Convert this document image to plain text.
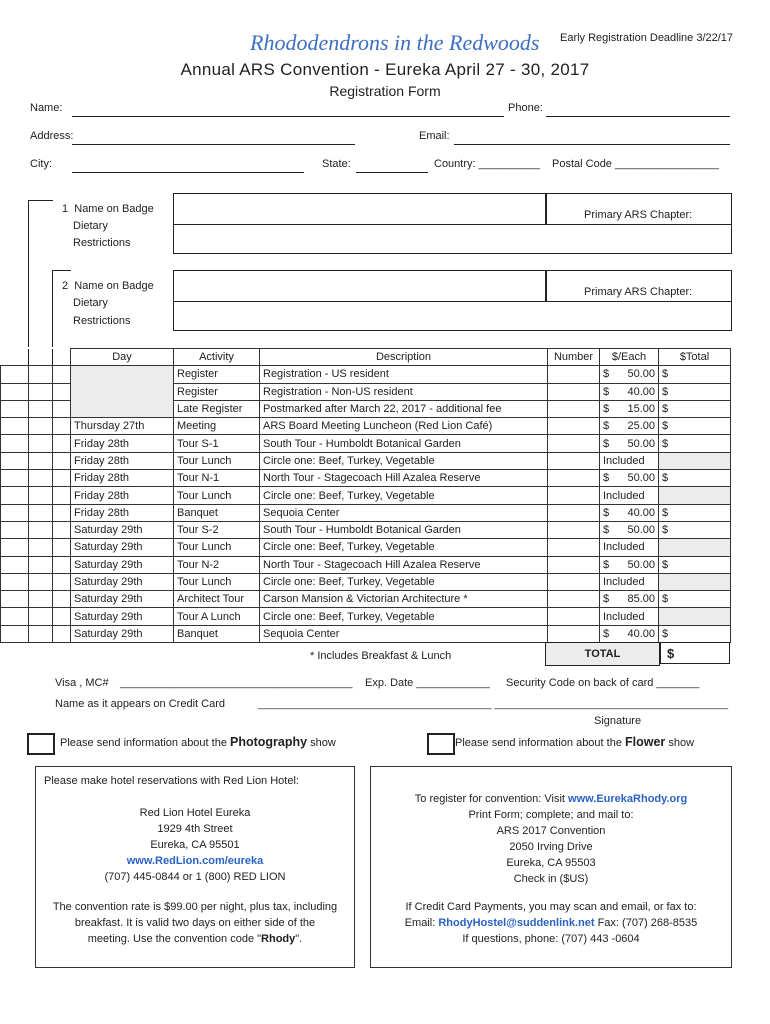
Rhododendrons in the Redwoods Early Registration Deadline 3/22/17
Annual ARS Convention - Eureka April 27 - 30, 2017
Registration Form
Name:	Phone:
Address:	Email:
City:	State:	Country: __________ Postal Code _________________
1 Name on Badge
Dietary
Restrictions
Primary ARS Chapter:
2 Name on Badge
Dietary
Restrictions
Primary ARS Chapter:
			Day	Activity	Description	Number	$/Each	$Total
				Register	Registration - US resident		$ 50.00	$
				Register	Registration - Non-US resident		$ 40.00	$
				Late Register	Postmarked after March 22, 2017 - additional fee		$ 15.00	$
			Thursday 27th	Meeting	ARS Board Meeting Luncheon (Red Lion Café)		$ 25.00	$
			Friday 28th	Tour S-1	South Tour - Humboldt Botanical Garden		$ 50.00	$
			Friday 28th	Tour Lunch	Circle one: Beef, Turkey, Vegetable		Included	
			Friday 28th	Tour N-1	North Tour - Stagecoach Hill Azalea Reserve		$ 50.00	$
			Friday 28th	Tour Lunch	Circle one: Beef, Turkey, Vegetable		Included	
			Friday 28th	Banquet	Sequoia Center		$ 40.00	$
			Saturday 29th	Tour S-2	South Tour - Humboldt Botanical Garden		$ 50.00	$
			Saturday 29th	Tour Lunch	Circle one: Beef, Turkey, Vegetable		Included	
			Saturday 29th	Tour N-2	North Tour - Stagecoach Hill Azalea Reserve		$ 50.00	$
			Saturday 29th	Tour Lunch	Circle one: Beef, Turkey, Vegetable		Included	
			Saturday 29th	Architect Tour	Carson Mansion & Victorian Architecture *		$ 85.00	$
			Saturday 29th	Tour A Lunch	Circle one: Beef, Turkey, Vegetable		Included	
			Saturday 29th	Banquet	Sequoia Center		$ 40.00	$
* Includes Breakfast & Lunch	TOTAL	$
Visa , MC# ______________________________________ Exp. Date ____________ Security Code on back of card _______
Name as it appears on Credit Card	________________________________________ ________________________________________
Signature
Please send information about the Photography show	Please send information about the Flower show
Please make hotel reservations with Red Lion Hotel:
Red Lion Hotel Eureka
1929 4th Street
Eureka, CA 95501
www.RedLion.com/eureka
(707) 445-0844 or 1 (800) RED LION
The convention rate is $99.00 per night, plus tax, including
breakfast. It is valid two days on either side of the
meeting. Use the convention code "Rhody".
To register for convention: Visit www.EurekaRhody.org
Print Form; complete; and mail to:
ARS 2017 Convention
2050 Irving Drive
Eureka, CA 95503
Check in ($US)
If Credit Card Payments, you may scan and email, or fax to:
Email: RhodyHostel@suddenlink.net Fax: (707) 268-8535
If questions, phone: (707) 443 -0604
